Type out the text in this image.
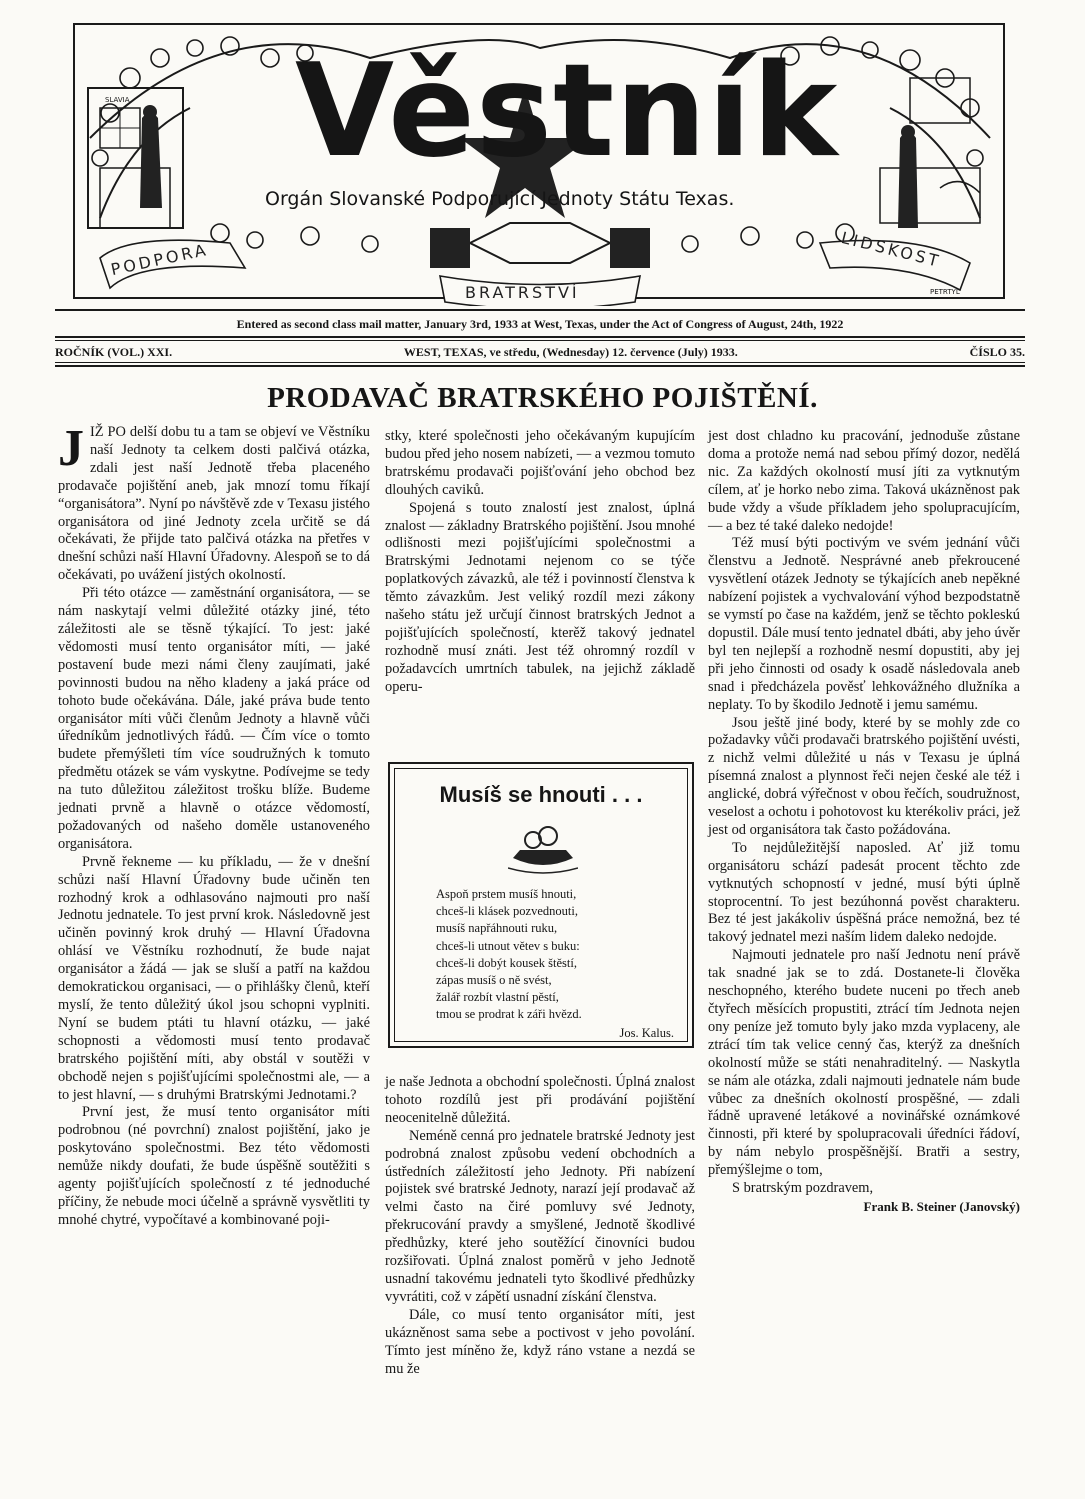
Věstník
Orgán Slovanské Podporující Jednoty Státu Texas.
PODPORA
BRATRSTVÍ
LIDSKOST
SLAVIA
PETRTYL
Entered as second class mail matter, January 3rd, 1933 at West, Texas, under the Act of Congress of August, 24th, 1922
ROČNÍK (VOL.) XXI.	WEST, TEXAS, ve středu, (Wednesday) 12. července (July) 1933.	ČÍSLO 35.
PRODAVAČ BRATRSKÉHO POJIŠTĚNÍ.

JIŽ PO delší dobu tu a tam se objeví ve Věstníku naší Jednoty ta celkem dosti palčivá otázka, zdali jest naší Jednotě třeba placeného prodavače pojištění aneb, jak mnozí tomu říkají “organisátora”. Nyní po návštěvě zde v Texasu jistého organisátora od jiné Jednoty zcela určitě se dá očekávati, že přijde tato palčivá otázka na přetřes v dnešní schůzi naší Hlavní Úřadovny. Alespoň se to dá očekávati, po uvážení jistých okolností.

Při této otázce — zaměstnání organisátora, — se nám naskytají velmi důležité otázky jiné, této záležitosti ale se těsně týkající. To jest: jaké vědomosti musí tento organisátor míti, — jaké postavení bude mezi námi členy zaujímati, jaké povinnosti budou na něho kladeny a jaká práce od tohoto bude očekávána. Dále, jaké práva bude tento organisátor míti vůči členům Jednoty a hlavně vůči úředníkům jednotlivých řádů. — Čím více o tomto budete přemýšleti tím více soudružných k tomuto předmětu otázek se vám vyskytne. Podívejme se tedy na tuto důležitou záležitost trošku blíže. Budeme jednati prvně a hlavně o otázce vědomostí, požadovaných od našeho doměle ustanoveného organisátora.

Prvně řekneme — ku příkladu, — že v dnešní schůzi naší Hlavní Úřadovny bude učiněn ten rozhodný krok a odhlasováno najmouti pro naší Jednotu jednatele. To jest první krok. Následovně jest učiněn povinný krok druhý — Hlavní Úřadovna ohlásí ve Věstníku rozhodnutí, že bude najat organisátor a žádá — jak se sluší a patří na každou demokratickou organisaci, — o přihlášky členů, kteří myslí, že tento důležitý úkol jsou schopni vyplniti. Nyní se budem ptáti tu hlavní otázku, — jaké schopnosti a vědomosti musí tento prodavač bratrského pojištění míti, aby obstál v soutěži v obchodě nejen s pojišťujícími společnostmi ale, — a to jest hlavní, — s druhými Bratrskými Jednotami.?

První jest, že musí tento organisátor míti podrobnou (né povrchní) znalost pojištění, jako je poskytováno společnostmi. Bez této vědomosti nemůže nikdy doufati, že bude úspěšně soutěžiti s agenty pojišťujících společností z té jednoduché příčiny, že nebude moci účelně a správně vysvětliti ty mnohé chytré, vypočítavé a kombinované poji-

stky, které společnosti jeho očekávaným kupujícím budou před jeho nosem nabízeti, — a vezmou tomuto bratrskému prodavači pojišťování jeho obchod bez dlouhých caviků.

Spojená s touto znalostí jest znalost, úplná znalost — základny Bratrského pojištění. Jsou mnohé odlišnosti mezi pojišťujícími společnostmi a Bratrskými Jednotami nejenom co se týče poplatkových závazků, ale též i povinností členstva k těmto závazkům. Jest veliký rozdíl mezi zákony našeho státu jež určují činnost bratrských Jednot a pojišťujících společností, kterěž takový jednatel rozhodně musí znáti. Jest též ohromný rozdíl v požadavcích umrtních tabulek, na jejichž základě operu-

Musíš se hnouti . . .
Aspoň prstem musíš hnouti,
chceš-li klásek pozvednouti,
musíš napřáhnouti ruku,
chceš-li utnout větev s buku:
chceš-li dobýt kousek štěstí,
zápas musíš o ně svést,
žalář rozbít vlastní pěstí,
tmou se prodrat k záři hvězd.
Jos. Kalus.

je naše Jednota a obchodní společnosti. Úplná znalost tohoto rozdílů jest při prodávání pojištění neocenitelně důležitá.

Neméně cenná pro jednatele bratrské Jednoty jest podrobná znalost způsobu vedení obchodních a ústředních záležitostí jeho Jednoty. Při nabízení pojistek své bratrské Jednoty, narazí její prodavač až velmi často na čiré pomluvy své Jednoty, překrucování pravdy a smyšlené, Jednotě škodlivé předhůzky, které jeho soutěžící činovníci budou rozšiřovati. Úplná znalost poměrů v jeho Jednotě usnadní takovému jednateli tyto škodlivé předhůzky vyvrátiti, což v zápětí usnadní získání členstva.

Dále, co musí tento organisátor míti, jest ukázněnost sama sebe a poctivost v jeho povolání. Tímto jest míněno že, když ráno vstane a nezdá se mu že

jest dost chladno ku pracování, jednoduše zůstane doma a protože nemá nad sebou přímý dozor, nedělá nic. Za každých okolností musí jíti za vytknutým cílem, ať je horko nebo zima. Taková ukázněnost pak bude vždy a všude příkladem jeho spolupracujícím, — a bez té také daleko nedojde!

Též musí býti poctivým ve svém jednání vůči členstvu a Jednotě. Nesprávné aneb překroucené vysvětlení otázek Jednoty se týkajících aneb nepěkné nabízení pojistek a vychvalování výhod bezpodstatně se vymstí po čase na každém, jenž se těchto pokleskú dopustil. Dále musí tento jednatel dbáti, aby jeho úvěr byl ten nejlepší a rozhodně nesmí dopustiti, aby jej při jeho činnosti od osady k osadě následovala aneb snad i předcházela pověsť lehkovážného dlužníka a neplaty. To by škodilo Jednotě i jemu samému.

Jsou ještě jiné body, které by se mohly zde co požadavky vůči prodavači bratrského pojištění uvésti, z nichž velmi důležité u nás v Texasu je úplná písemná znalost a plynnost řeči nejen české ale též i anglické, dobrá výřečnost v obou řečích, soudružnost, veselost a ochotu i pohotovost ku kterékoliv práci, jež jest od organisátora tak často požádována.

To nejdůležitější naposled. Ať již tomu organisátoru schází padesát procent těchto zde vytknutých schopností v jedné, musí býti úplně stoprocentní. To jest bezúhonná pověst charakteru. Bez té jest jakákoliv úspěšná práce nemožná, bez té takový jednatel mezi naším lidem daleko nedojde.

Najmouti jednatele pro naší Jednotu není právě tak snadné jak se to zdá. Dostanete-li člověka neschopného, kterého budete nuceni po třech aneb čtyřech měsících propustiti, ztrácí tím Jednota nejen ony peníze jež tomuto byly jako mzda vyplaceny, ale ztrácí tím tak velice cenný čas, kterýž za dnešních okolností může se státi nenahraditelný. — Naskytla se nám ale otázka, zdali najmouti jednatele nám bude vůbec za dnešních okolností prospěšné, — zdali řádně upravené letákové a novinářské oznámkové činnosti, při které by spolupracovali úředníci řádoví, by nám nebylo prospěšnější. Bratři a sestry, přemýšlejme o tom,

S bratrským pozdravem,

Frank B. Steiner (Janovský)
